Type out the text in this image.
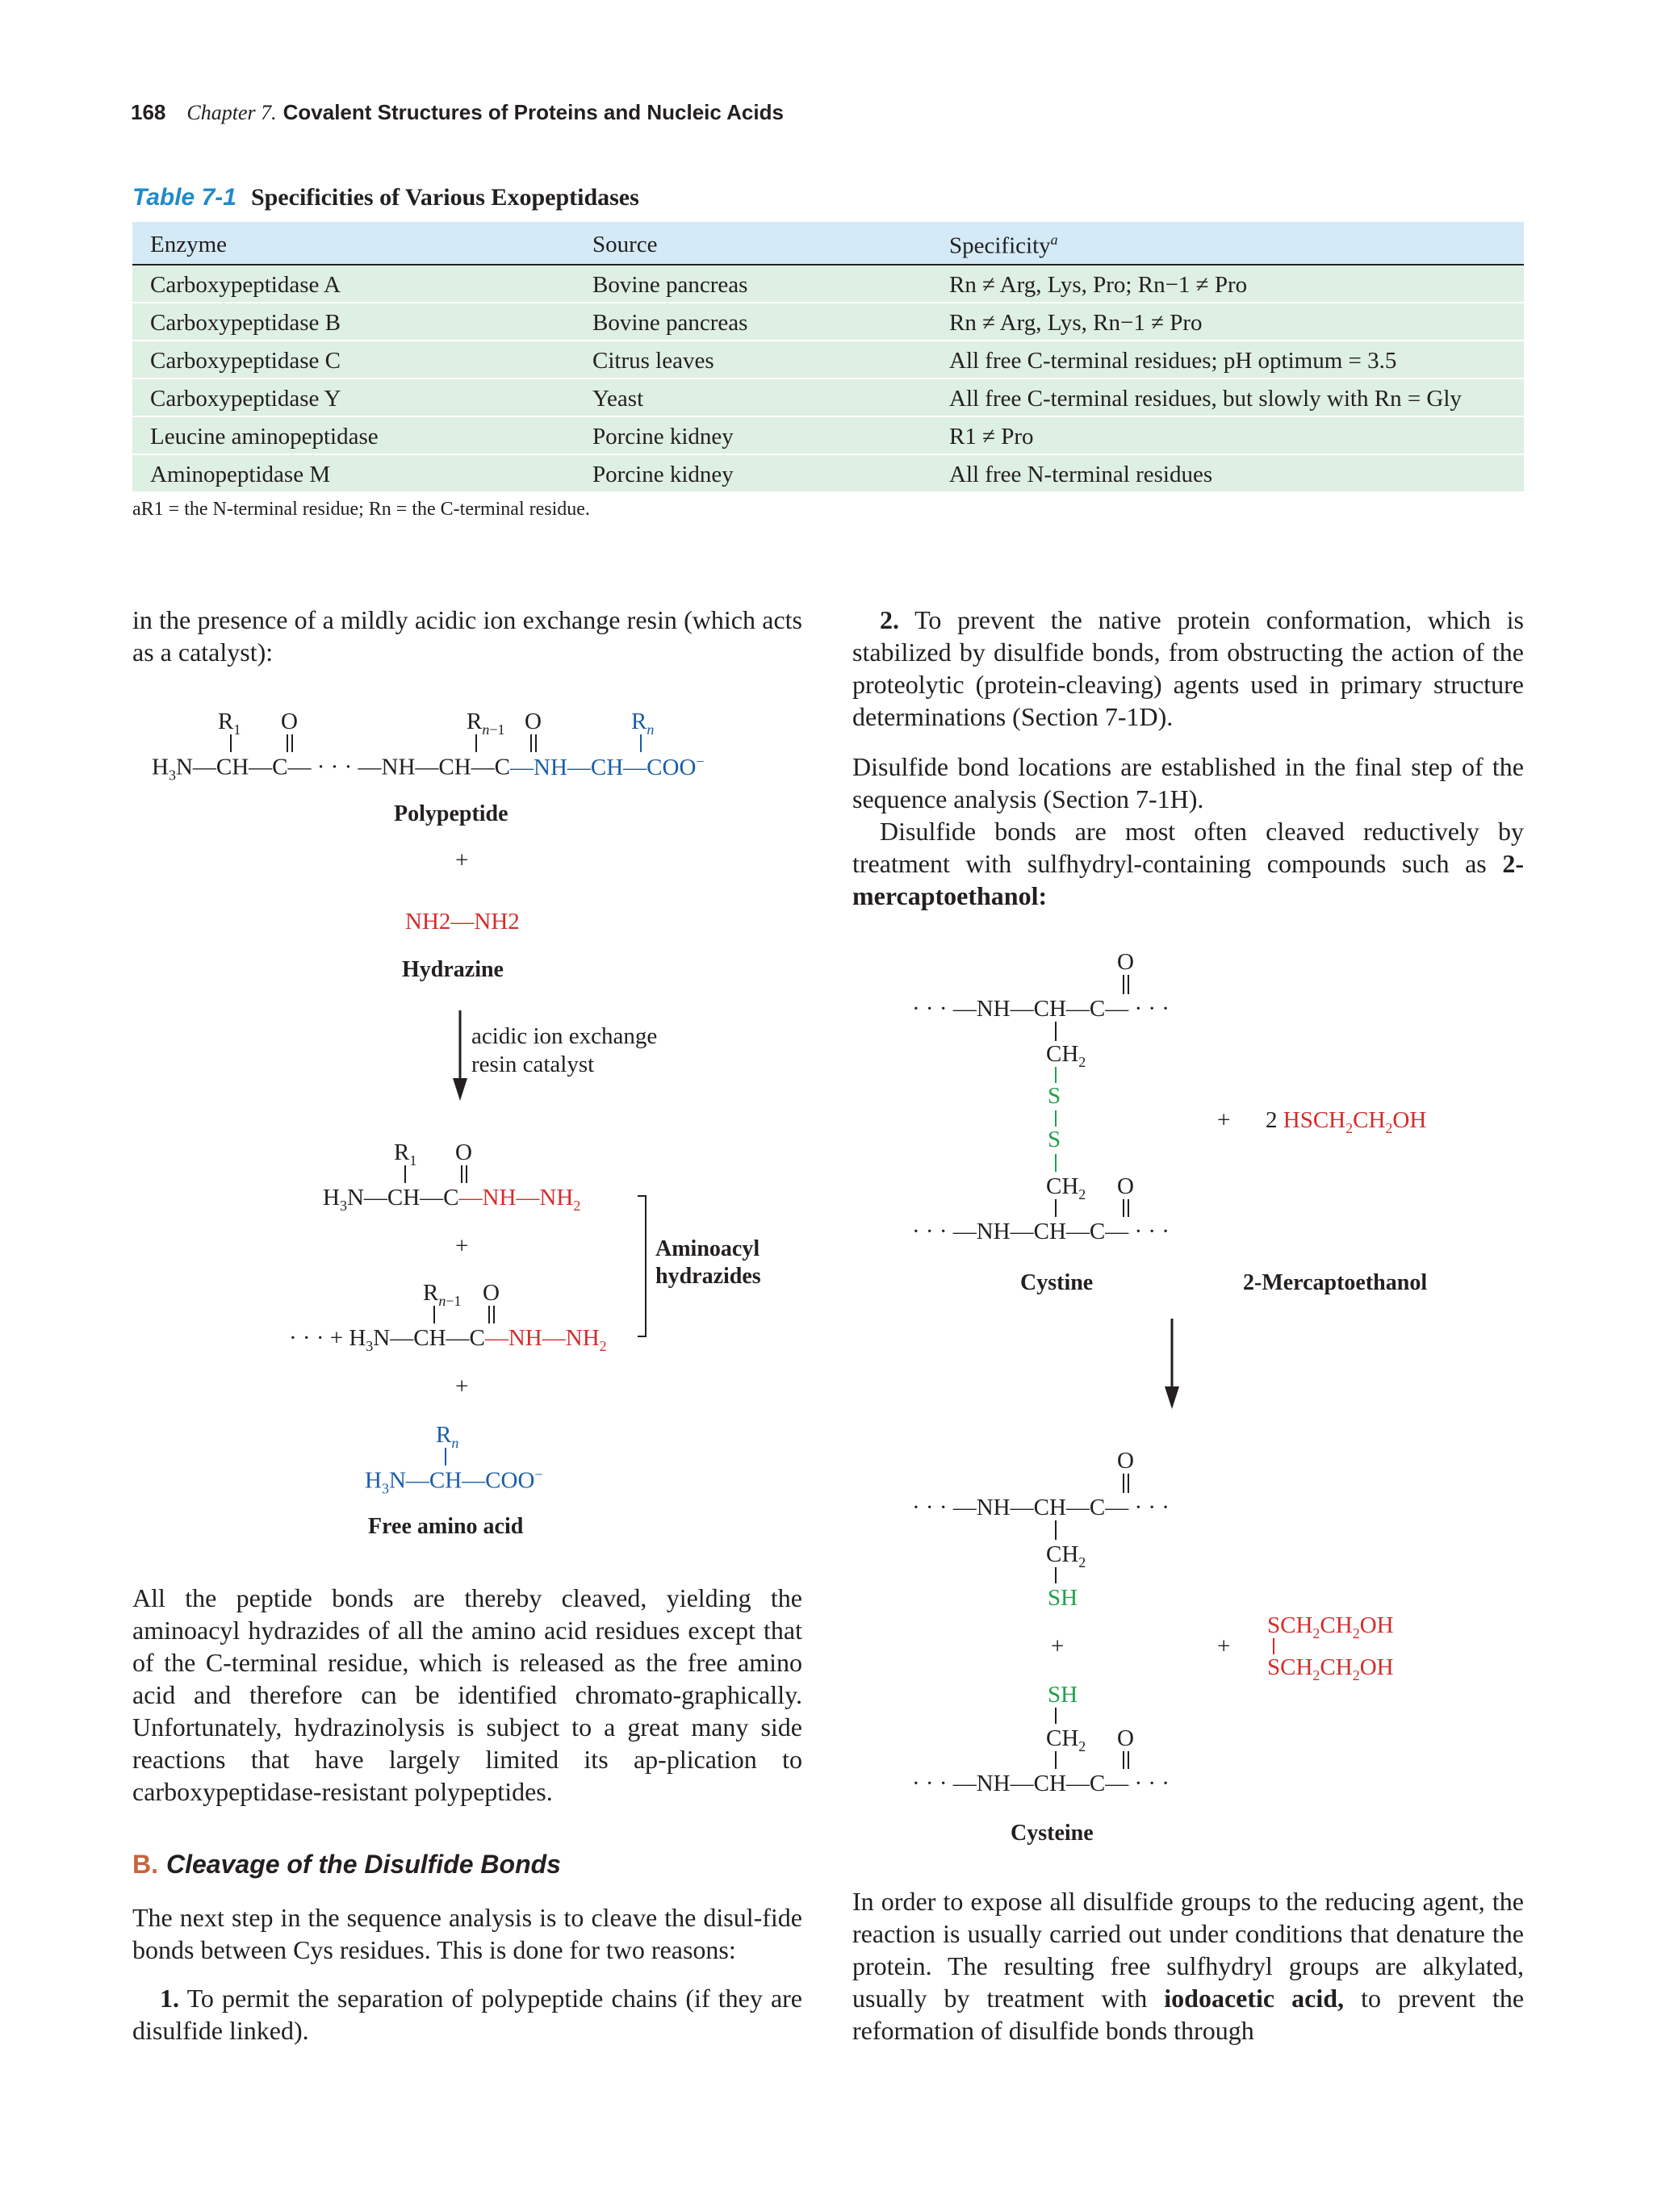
168 Chapter 7. Covalent Structures of Proteins and Nucleic Acids
Table 7-1 Specificities of Various Exopeptidases
Enzyme	Source	Specificity$^a$
Carboxypeptidase A	Bovine pancreas	Rn ≠ Arg, Lys, Pro; Rn−1 ≠ Pro
Carboxypeptidase B	Bovine pancreas	Rn ≠ Arg, Lys, Rn−1 ≠ Pro
Carboxypeptidase C	Citrus leaves	All free C-terminal residues; pH optimum = 3.5
Carboxypeptidase Y	Yeast	All free C-terminal residues, but slowly with Rn = Gly
Leucine aminopeptidase	Porcine kidney	R1 ≠ Pro
Aminopeptidase M	Porcine kidney	All free N-terminal residues
aR1 = the N-terminal residue; Rn = the C-terminal residue.

in the presence of a mildly acidic ion exchange resin (which acts as a catalyst):

$R_1$ O	$R_{n-1}$ O	$R_n$
$H_3N—CH—C—$ · · · —NH—CH—C—NH—CH—COO−
Polypeptide
+
NH2—NH2
Hydrazine
acidic ion exchange
resin catalyst
$R_1$ O
$H_3N—CH—C—NH—NH_2$
+	Aminoacyl
hydrazides
$R_{n-1}$ O
· · · + $H_3N—CH—C—NH—NH_2$
+
$R_n$
$H_3N—CH—COO^-$
Free amino acid

All the peptide bonds are thereby cleaved, yielding the aminoacyl hydrazides of all the amino acid residues except that of the C-terminal residue, which is released as the free amino acid and therefore can be identified chromato-graphically. Unfortunately, hydrazinolysis is subject to a great many side reactions that have largely limited its ap-plication to carboxypeptidase-resistant polypeptides.

B. Cleavage of the Disulfide Bonds

The next step in the sequence analysis is to cleave the disul-fide bonds between Cys residues. This is done for two reasons:

1. To permit the separation of polypeptide chains (if they are disulfide linked).

2. To prevent the native protein conformation, which is stabilized by disulfide bonds, from obstructing the action of the proteolytic (protein-cleaving) agents used in primary structure determinations (Section 7-1D).

Disulfide bond locations are established in the final step of the sequence analysis (Section 7-1H).

Disulfide bonds are most often cleaved reductively by treatment with sulfhydryl-containing compounds such as 2-mercaptoethanol:

O
· · · —NH—CH—C— · · ·
$CH_2$
S
S
+ 2 $HSCH_2CH_2OH$
$CH_2$ O
· · · —NH—CH—C— · · ·
Cystine	2-Mercaptoethanol
O
· · · —NH—CH—C— · · ·
$CH_2$
SH
+	+
$SCH_2CH_2OH$
$SCH_2CH_2OH$
SH
$CH_2$ O
· · · —NH—CH—C— · · ·
Cysteine

In order to expose all disulfide groups to the reducing agent, the reaction is usually carried out under conditions that denature the protein. The resulting free sulfhydryl groups are alkylated, usually by treatment with iodoacetic acid, to prevent the reformation of disulfide bonds through
